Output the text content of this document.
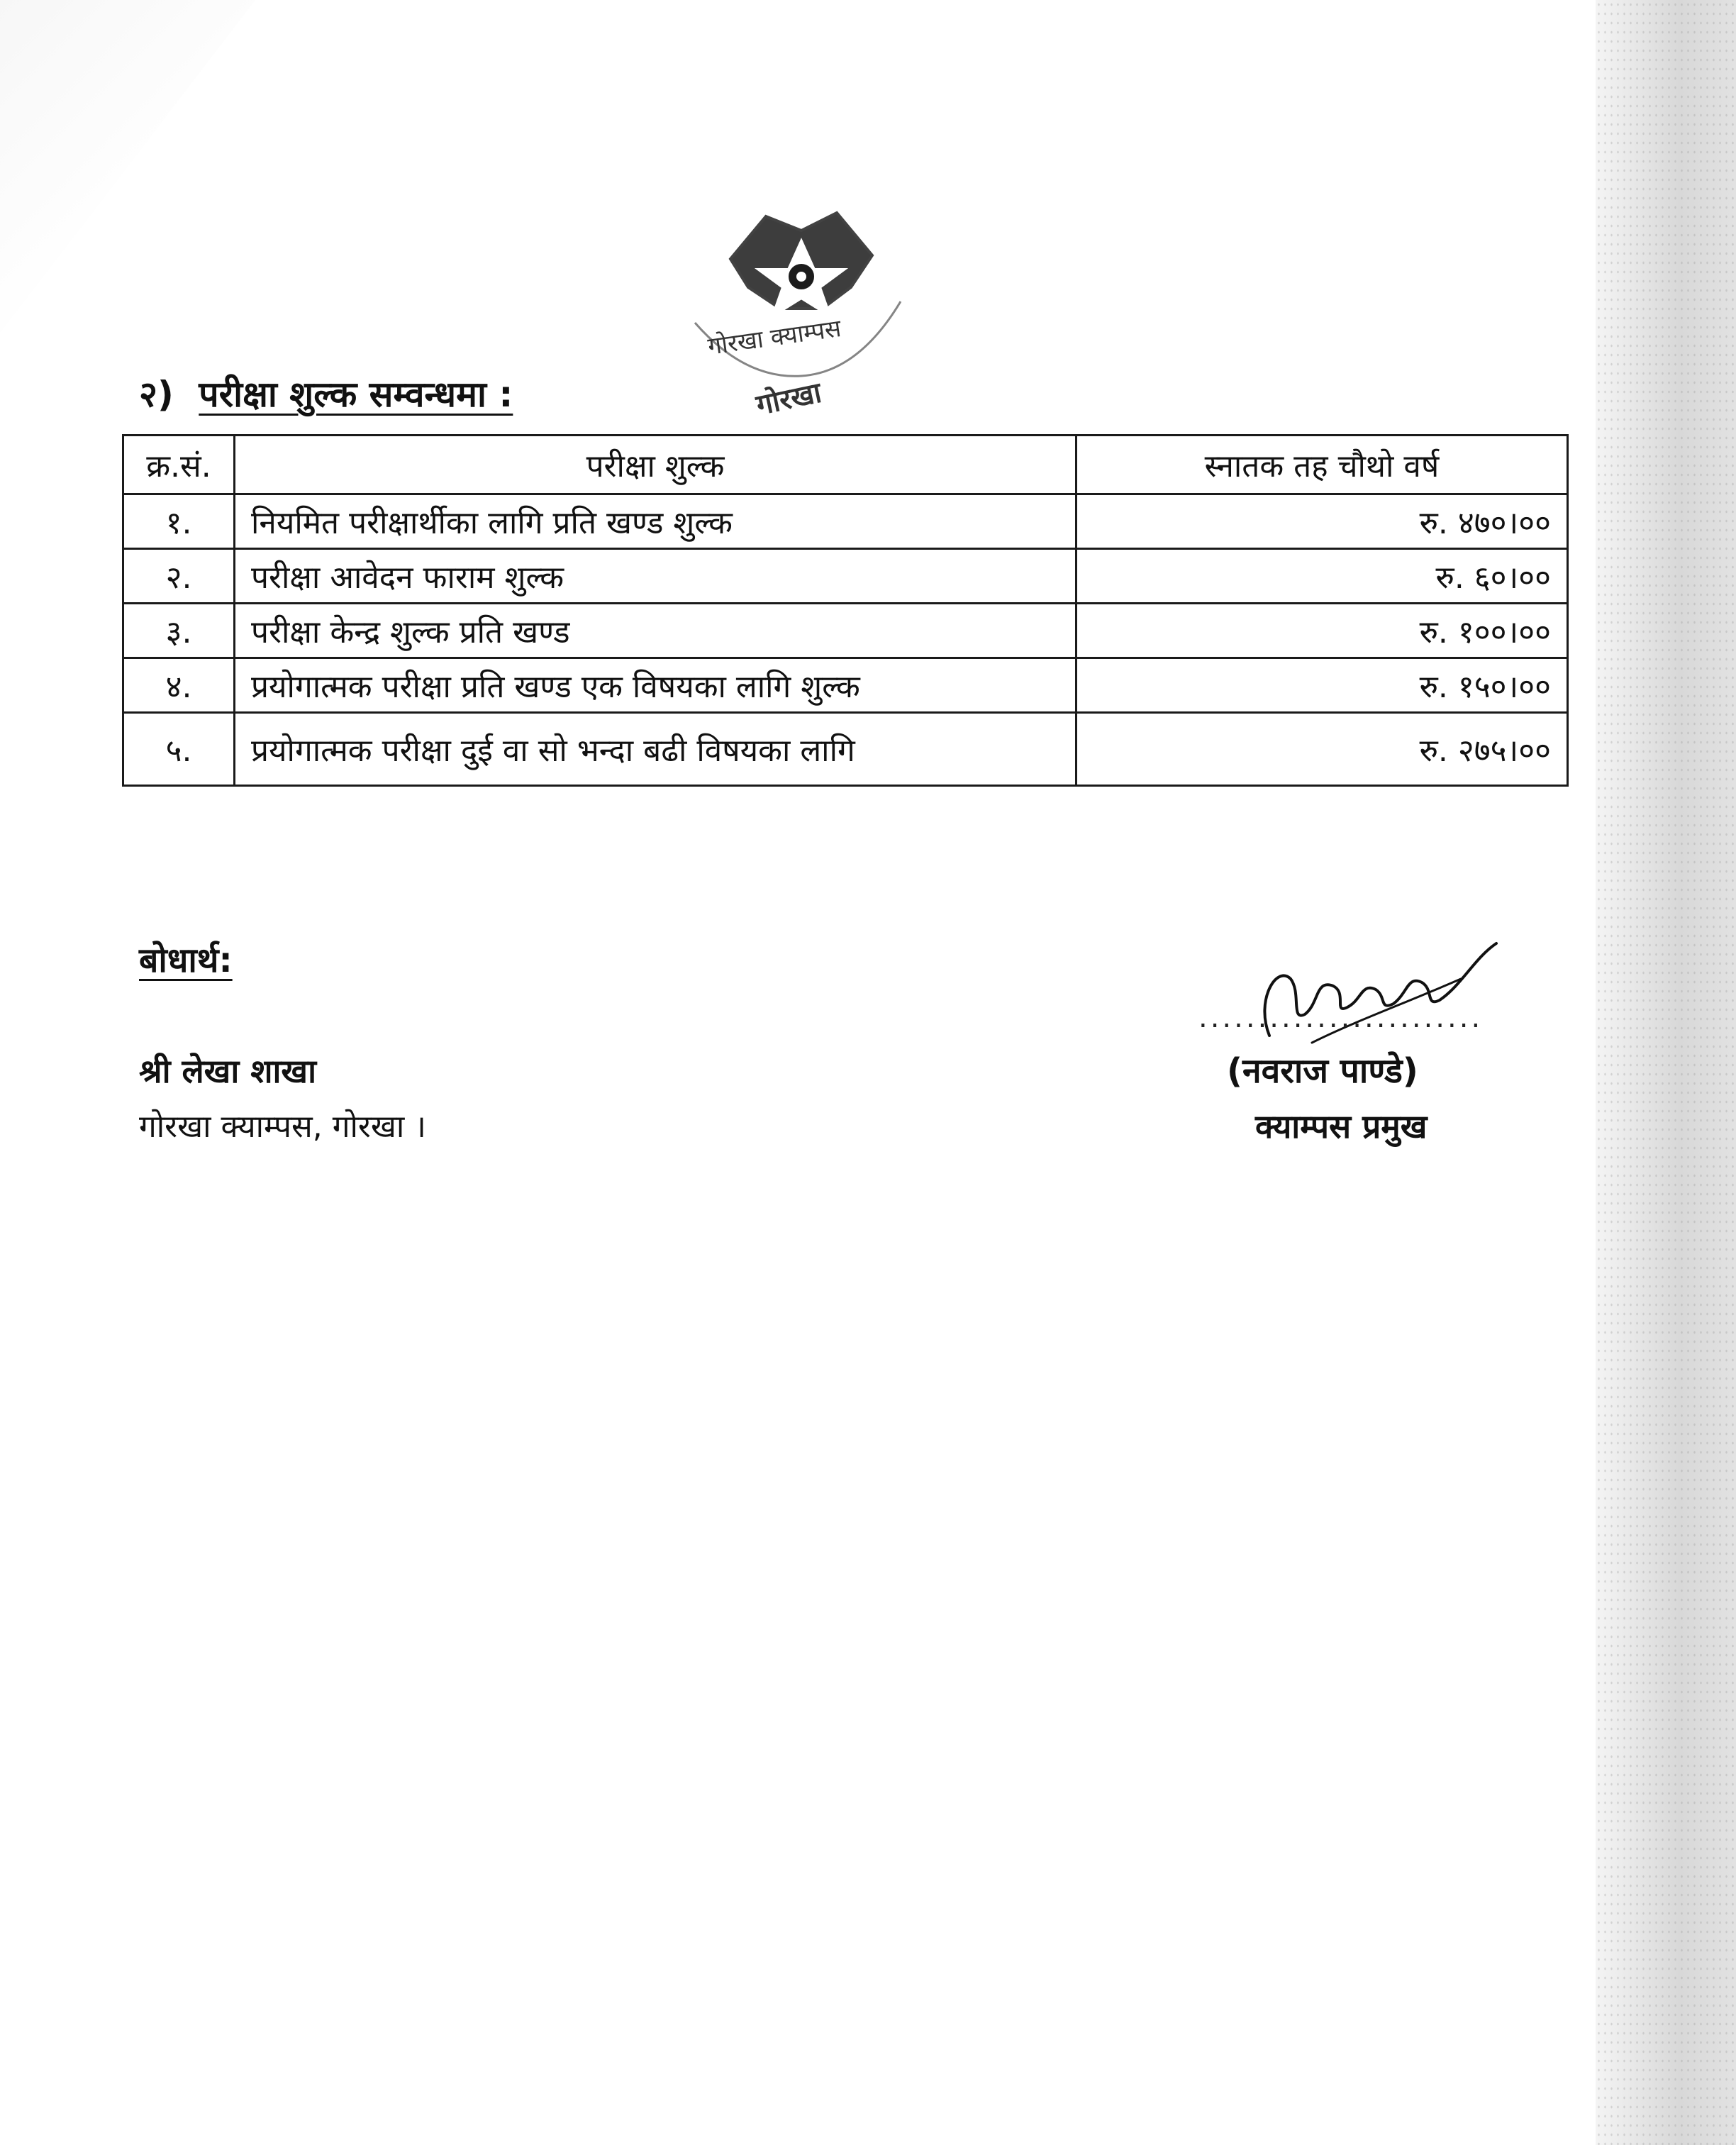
गोरखा क्याम्पस
गोरखा
२) परीक्षा शुल्क सम्वन्धमा :
क्र.सं.	परीक्षा शुल्क	स्नातक तह चौथो वर्ष
१.	नियमित परीक्षार्थीका लागि प्रति खण्ड शुल्क	रु. ४७०।००
२.	परीक्षा आवेदन फाराम शुल्क	रु. ६०।००
३.	परीक्षा केन्द्र शुल्क प्रति खण्ड	रु. १००।००
४.	प्रयोगात्मक परीक्षा प्रति खण्ड एक विषयका लागि शुल्क	रु. १५०।००
५.	प्रयोगात्मक परीक्षा दुई वा सो भन्दा बढी विषयका लागि	रु. २७५।००
बोधार्थ:
श्री लेखा शाखा
गोरखा क्याम्पस, गोरखा ।
........................
(नवराज पाण्डे)
क्याम्पस प्रमुख
